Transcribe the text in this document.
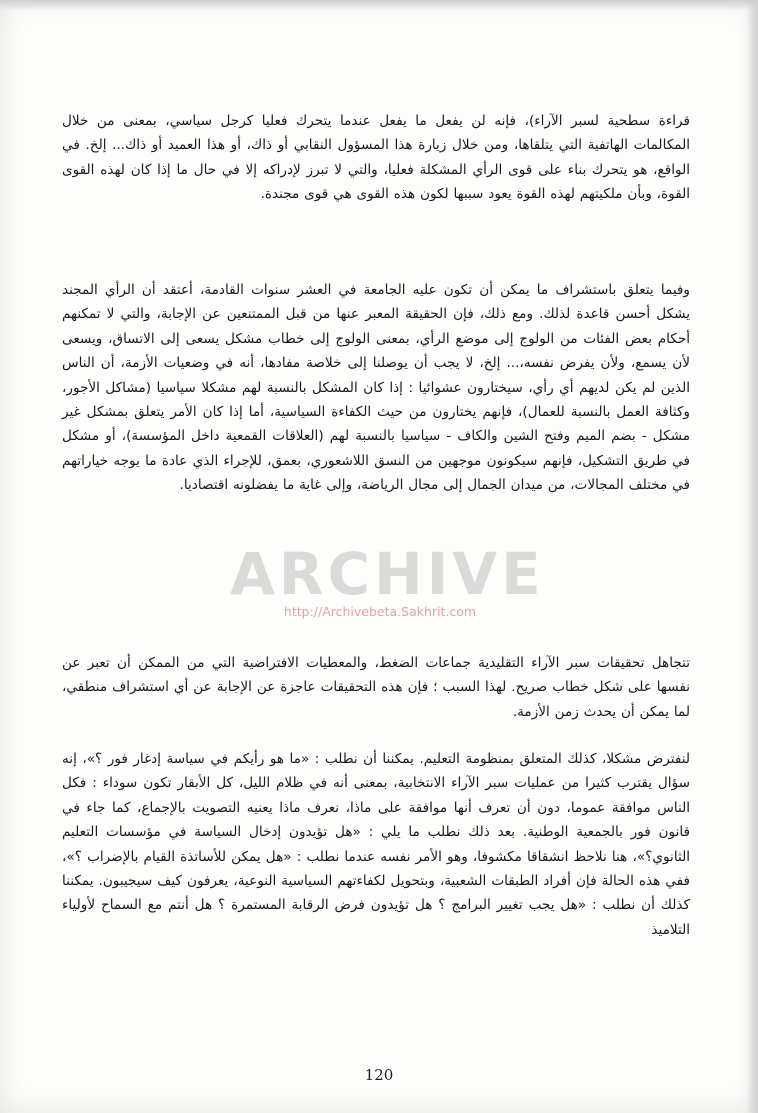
قراءة سطحية لسبر الآراء)، فإنه لن يفعل ما يفعل عندما يتحرك فعليا كرجل سياسي، بمعنى من خلال المكالمات الهاتفية التي يتلقاها، ومن خلال زيارة هذا المسؤول النقابي أو ذاك، أو هذا العميد أو ذاك... إلخ. في الواقع، هو يتحرك بناء على قوى الرأي المشكلة فعليا، والتي لا تبرز لإدراكه إلا في حال ما إذا كان لهذه القوى القوة، وبأن ملكيتهم لهذه القوة يعود سببها لكون هذه القوى هي قوى مجندة.

وفيما يتعلق باستشراف ما يمكن أن تكون عليه الجامعة في العشر سنوات القادمة، أعتقد أن الرأي المجند يشكل أحسن قاعدة لذلك. ومع ذلك، فإن الحقيقة المعبر عنها من قبل الممتنعين عن الإجابة، والتي لا تمكنهم أحكام بعض الفئات من الولوج إلى موضع الرأي، بمعنى الولوج إلى خطاب مشكل يسعى إلى الاتساق، ويسعى لأن يسمع، ولأن يفرض نفسه،... إلخ، لا يجب أن يوصلنا إلى خلاصة مفادها، أنه في وضعيات الأزمة، أن الناس الذين لم يكن لديهم أي رأي، سيختارون عشوائيا : إذا كان المشكل بالنسبة لهم مشكلا سياسيا (مشاكل الأجور، وكثافة العمل بالنسبة للعمال)، فإنهم يختارون من حيث الكفاءة السياسية، أما إذا كان الأمر يتعلق بمشكل غير مشكل - بضم الميم وفتح الشين والكاف - سياسيا بالنسبة لهم (العلاقات القمعية داخل المؤسسة)، أو مشكل في طريق التشكيل، فإنهم سيكونون موجهين من النسق اللاشعوري، بعمق، للإجراء الذي عادة ما يوجه خياراتهم في مختلف المجالات، من ميدان الجمال إلى مجال الرياضة، وإلى غاية ما يفضلونه اقتصاديا.

تتجاهل تحقيقات سبر الآراء التقليدية جماعات الضغط، والمعطيات الافتراضية التي من الممكن أن تعبر عن نفسها على شكل خطاب صريح. لهذا السبب ؛ فإن هذه التحقيقات عاجزة عن الإجابة عن أي استشراف منطقي، لما يمكن أن يحدث زمن الأزمة.

لنفترض مشكلا، كذلك المتعلق بمنظومة التعليم. يمكننا أن نطلب : «ما هو رأيكم في سياسة إدغار فور ؟»، إنه سؤال يقترب كثيرا من عمليات سبر الآراء الانتخابية، بمعنى أنه في ظلام الليل، كل الأبقار تكون سوداء : فكل الناس موافقة عموما، دون أن تعرف أنها موافقة على ماذا، نعرف ماذا يعنيه التصويت بالإجماع، كما جاء في قانون فور بالجمعية الوطنية. بعد ذلك نطلب ما يلي : «هل تؤيدون إدخال السياسة في مؤسسات التعليم الثانوي؟»، هنا نلاحظ انشقاقا مكشوفا، وهو الأمر نفسه عندما نطلب : «هل يمكن للأساتذة القيام بالإضراب ؟»، ففي هذه الحالة فإن أفراد الطبقات الشعبية، وبتحويل لكفاءتهم السياسية النوعية، يعرفون كيف سيجيبون. يمكننا كذلك أن نطلب : «هل يجب تغيير البرامج ؟ هل تؤيدون فرض الرقابة المستمرة ؟ هل أنتم مع السماح لأولياء التلاميذ

ARCHIVE
http://Archivebeta.Sakhrit.com
120
